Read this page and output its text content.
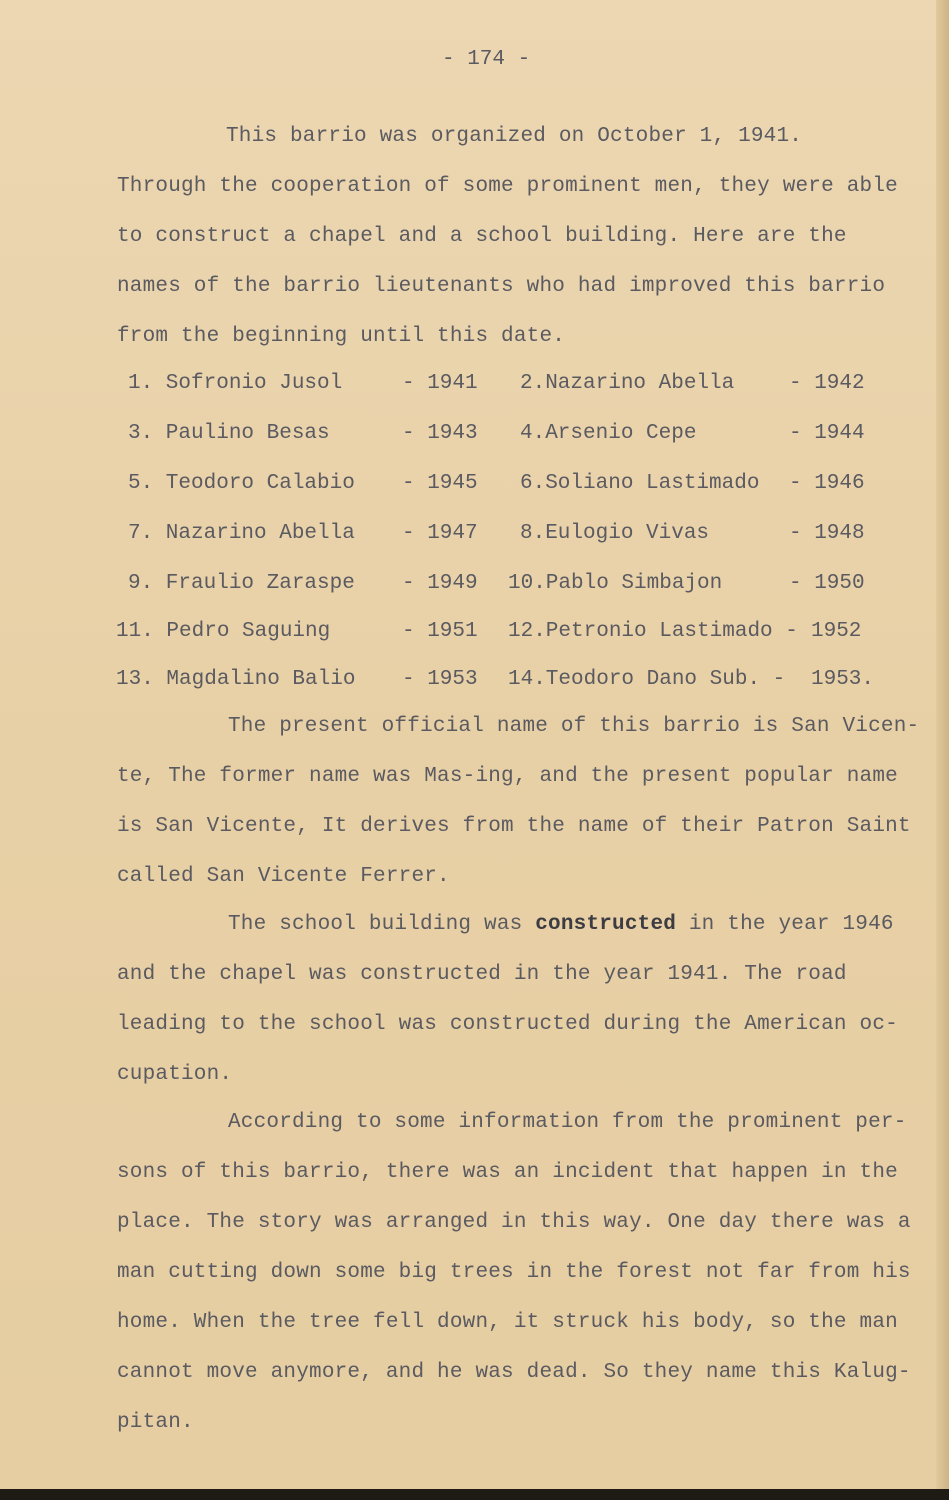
- 174 -
This barrio was organized on October 1, 1941.
Through the cooperation of some prominent men, they were able
to construct a chapel and a school building. Here are the
names of the barrio lieutenants who had improved this barrio
from the beginning until this date.
1. Sofronio Jusol	- 1941 2.Nazarino Abella	- 1942
3. Paulino Besas	- 1943 4.Arsenio Cepe	- 1944
5. Teodoro Calabio - 1945 6.Soliano Lastimado - 1946
7. Nazarino Abella - 1947 8.Eulogio Vivas	- 1948
9. Fraulio Zaraspe - 1949 10.Pablo Simbajon	- 1950
11. Pedro Saguing	- 1951 12.Petronio Lastimado - 1952
13. Magdalino Balio - 1953 14.Teodoro Dano Sub. - 1953.
The present official name of this barrio is San Vicen-
te, The former name was Mas-ing, and the present popular name
is San Vicente, It derives from the name of their Patron Saint
called San Vicente Ferrer.
The school building was constructed in the year 1946
and the chapel was constructed in the year 1941. The road
leading to the school was constructed during the American oc-
cupation.
According to some information from the prominent per-
sons of this barrio, there was an incident that happen in the
place. The story was arranged in this way. One day there was a
man cutting down some big trees in the forest not far from his
home. When the tree fell down, it struck his body, so the man
cannot move anymore, and he was dead. So they name this Kalug-
pitan.
